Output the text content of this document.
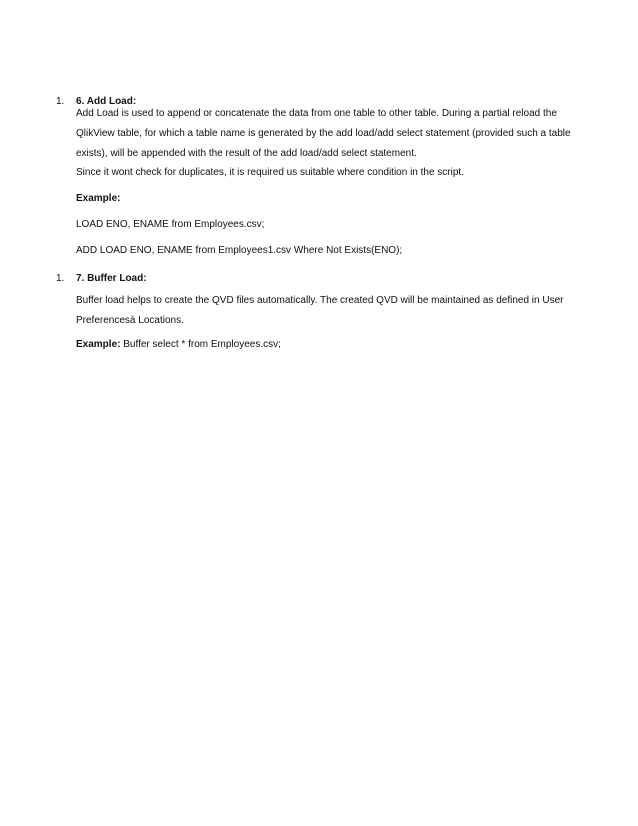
1. 6. Add Load:

Add Load is used to append or concatenate the data from one table to other table. During a partial reload the
QlikView table, for which a table name is generated by the add load/add select statement (provided such a table
exists), will be appended with the result of the add load/add select statement.

Since it wont check for duplicates, it is required us suitable where condition in the script.

Example:

LOAD ENO, ENAME from Employees.csv;

ADD LOAD ENO, ENAME from Employees1.csv Where Not Exists(ENO);

1. 7. Buffer Load:

Buffer load helps to create the QVD files automatically. The created QVD will be maintained as defined in User
Preferencesà Locations.

Example: Buffer select * from Employees.csv;
